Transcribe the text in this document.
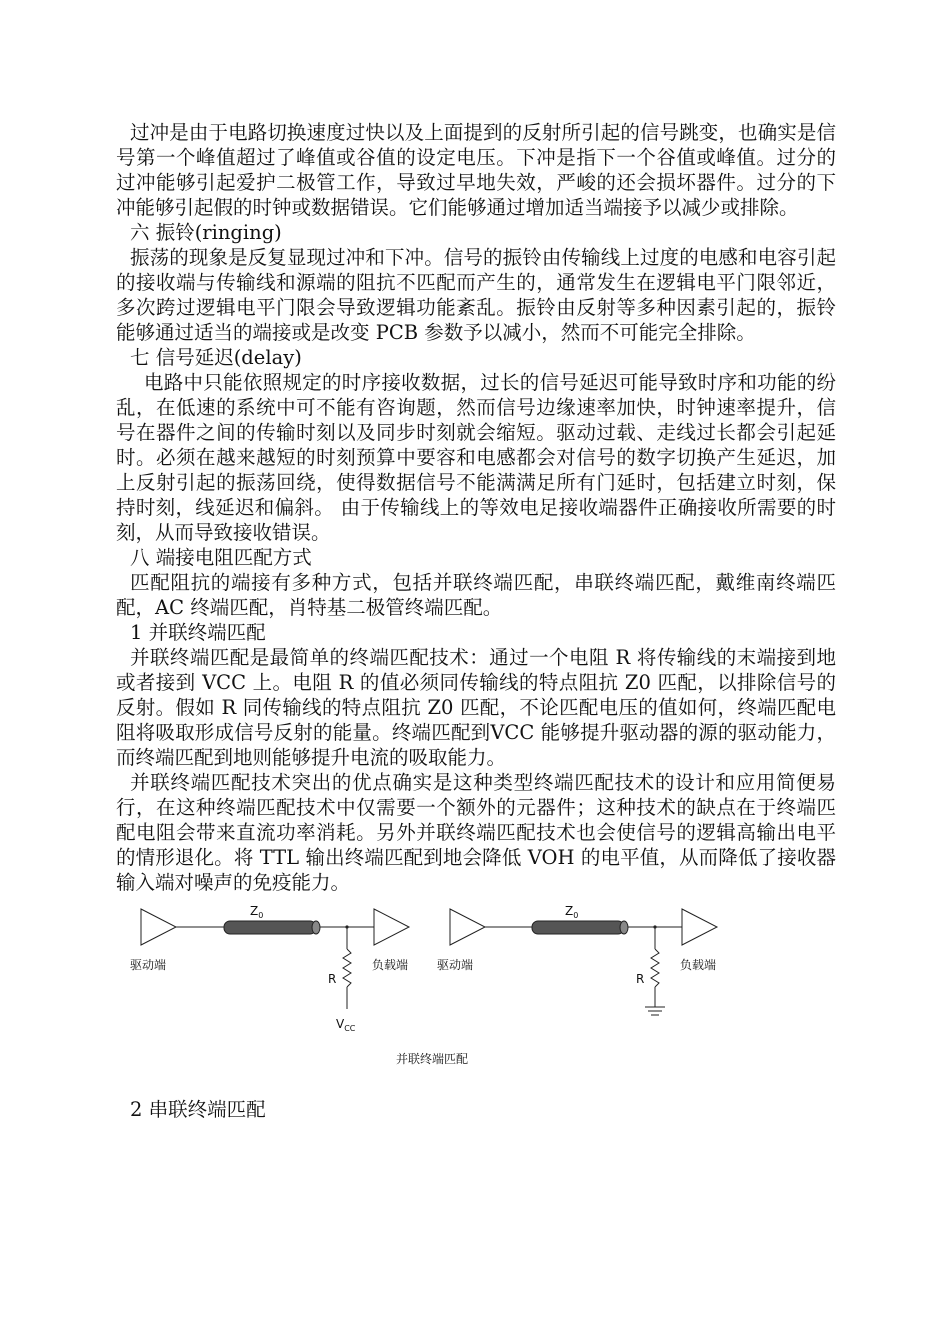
过冲是由于电路切换速度过快以及上面提到的反射所引起的信号跳变，也确实是信号第一个峰值超过了峰值或谷值的设定电压。下冲是指下一个谷值或峰值。过分的过冲能够引起爱护二极管工作，导致过早地失效，严峻的还会损坏器件。过分的下冲能够引起假的时钟或数据错误。它们能够通过增加适当端接予以减少或排除。

六 振铃(ringing)

振荡的现象是反复显现过冲和下冲。信号的振铃由传输线上过度的电感和电容引起的接收端与传输线和源端的阻抗不匹配而产生的，通常发生在逻辑电平门限邻近，多次跨过逻辑电平门限会导致逻辑功能紊乱。振铃由反射等多种因素引起的，振铃能够通过适当的端接或是改变 PCB 参数予以减小，然而不可能完全排除。

七 信号延迟(delay)

电路中只能依照规定的时序接收数据，过长的信号延迟可能导致时序和功能的纷乱，在低速的系统中可不能有咨询题，然而信号边缘速率加快，时钟速率提升，信号在器件之间的传输时刻以及同步时刻就会缩短。驱动过载、走线过长都会引起延时。必须在越来越短的时刻预算中要容和电感都会对信号的数字切换产生延迟，加上反射引起的振荡回绕，使得数据信号不能满满足所有门延时，包括建立时刻，保持时刻，线延迟和偏斜。 由于传输线上的等效电足接收端器件正确接收所需要的时刻，从而导致接收错误。

八 端接电阻匹配方式

匹配阻抗的端接有多种方式，包括并联终端匹配，串联终端匹配，戴维南终端匹配，AC 终端匹配，肖特基二极管终端匹配。

1 并联终端匹配

并联终端匹配是最简单的终端匹配技术：通过一个电阻 R 将传输线的末端接到地或者接到 VCC 上。电阻 R 的值必须同传输线的特点阻抗 Z0 匹配，以排除信号的反射。假如 R 同传输线的特点阻抗 Z0 匹配，不论匹配电压的值如何，终端匹配电阻将吸取形成信号反射的能量。终端匹配到VCC 能够提升驱动器的源的驱动能力，而终端匹配到地则能够提升电流的吸取能力。

并联终端匹配技术突出的优点确实是这种类型终端匹配技术的设计和应用简便易行，在这种终端匹配技术中仅需要一个额外的元器件；这种技术的缺点在于终端匹配电阻会带来直流功率消耗。另外并联终端匹配技术也会使信号的逻辑高输出电平的情形退化。将 TTL 输出终端匹配到地会降低 VOH 的电平值，从而降低了接收器输入端对噪声的免疫能力。

$Z_0$
驱动端	负载端
R
$V_{CC}$
$Z_0$
驱动端	负载端
R
并联终端匹配

2 串联终端匹配
